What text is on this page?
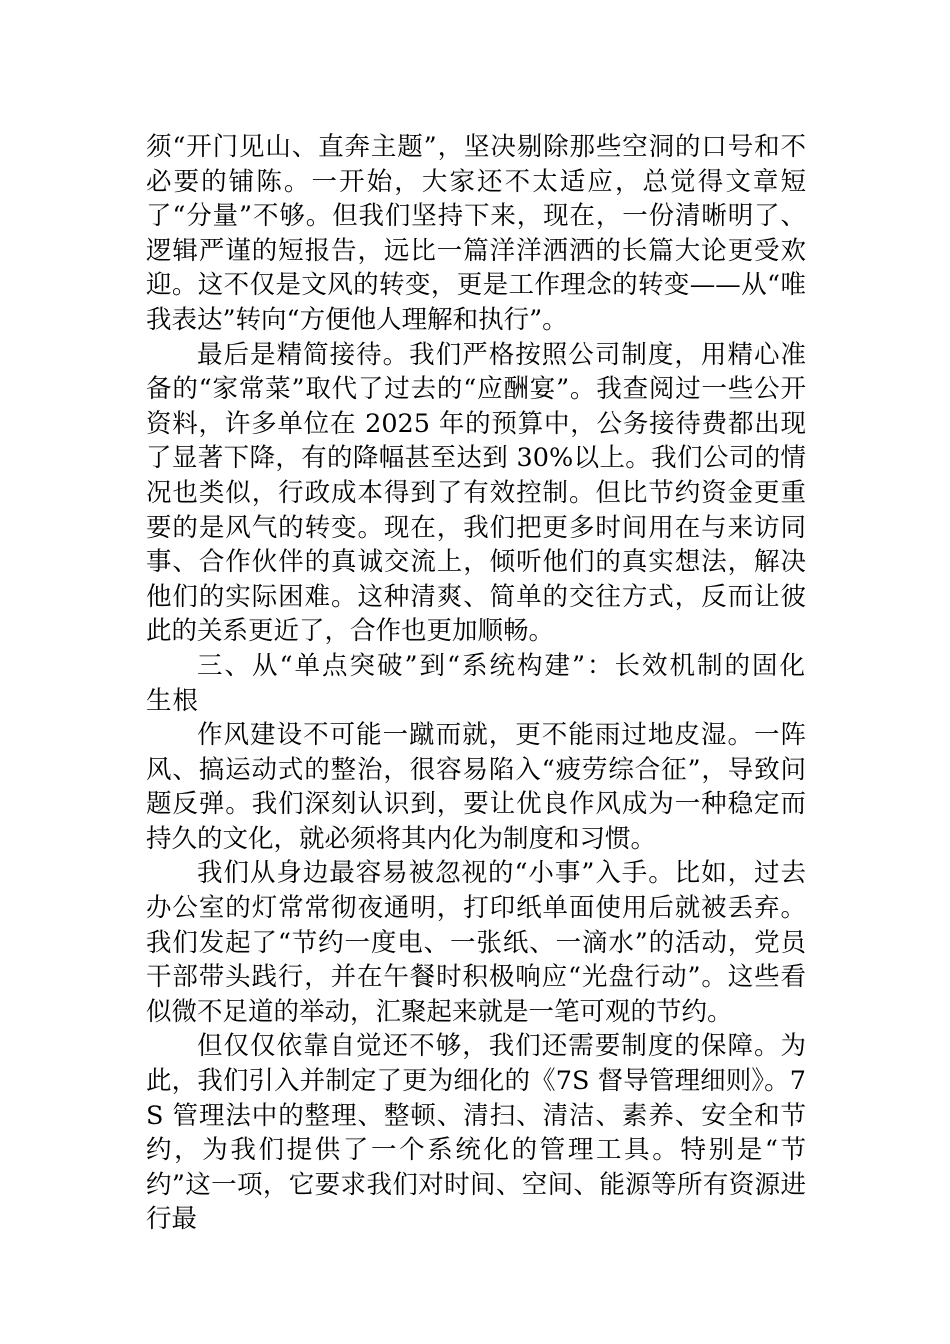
须“开门见山、直奔主题”，坚决剔除那些空洞的口号和不必要的铺陈。一开始，大家还不太适应，总觉得文章短了“分量”不够。但我们坚持下来，现在，一份清晰明了、逻辑严谨的短报告，远比一篇洋洋洒洒的长篇大论更受欢迎。这不仅是文风的转变，更是工作理念的转变——从“唯我表达”转向“方便他人理解和执行”。

最后是精简接待。我们严格按照公司制度，用精心准备的“家常菜”取代了过去的“应酬宴”。我查阅过一些公开资料，许多单位在 2025 年的预算中，公务接待费都出现了显著下降，有的降幅甚至达到 30%以上。我们公司的情况也类似，行政成本得到了有效控制。但比节约资金更重要的是风气的转变。现在，我们把更多时间用在与来访同事、合作伙伴的真诚交流上，倾听他们的真实想法，解决他们的实际困难。这种清爽、简单的交往方式，反而让彼此的关系更近了，合作也更加顺畅。

三、从“单点突破”到“系统构建”：长效机制的固化生根

作风建设不可能一蹴而就，更不能雨过地皮湿。一阵风、搞运动式的整治，很容易陷入“疲劳综合征”，导致问题反弹。我们深刻认识到，要让优良作风成为一种稳定而持久的文化，就必须将其内化为制度和习惯。

我们从身边最容易被忽视的“小事”入手。比如，过去办公室的灯常常彻夜通明，打印纸单面使用后就被丢弃。我们发起了“节约一度电、一张纸、一滴水”的活动，党员干部带头践行，并在午餐时积极响应“光盘行动”。这些看似微不足道的举动，汇聚起来就是一笔可观的节约。

但仅仅依靠自觉还不够，我们还需要制度的保障。为此，我们引入并制定了更为细化的《7S 督导管理细则》。7S 管理法中的整理、整顿、清扫、清洁、素养、安全和节约，为我们提供了一个系统化的管理工具。特别是“节约”这一项，它要求我们对时间、空间、能源等所有资源进行最
